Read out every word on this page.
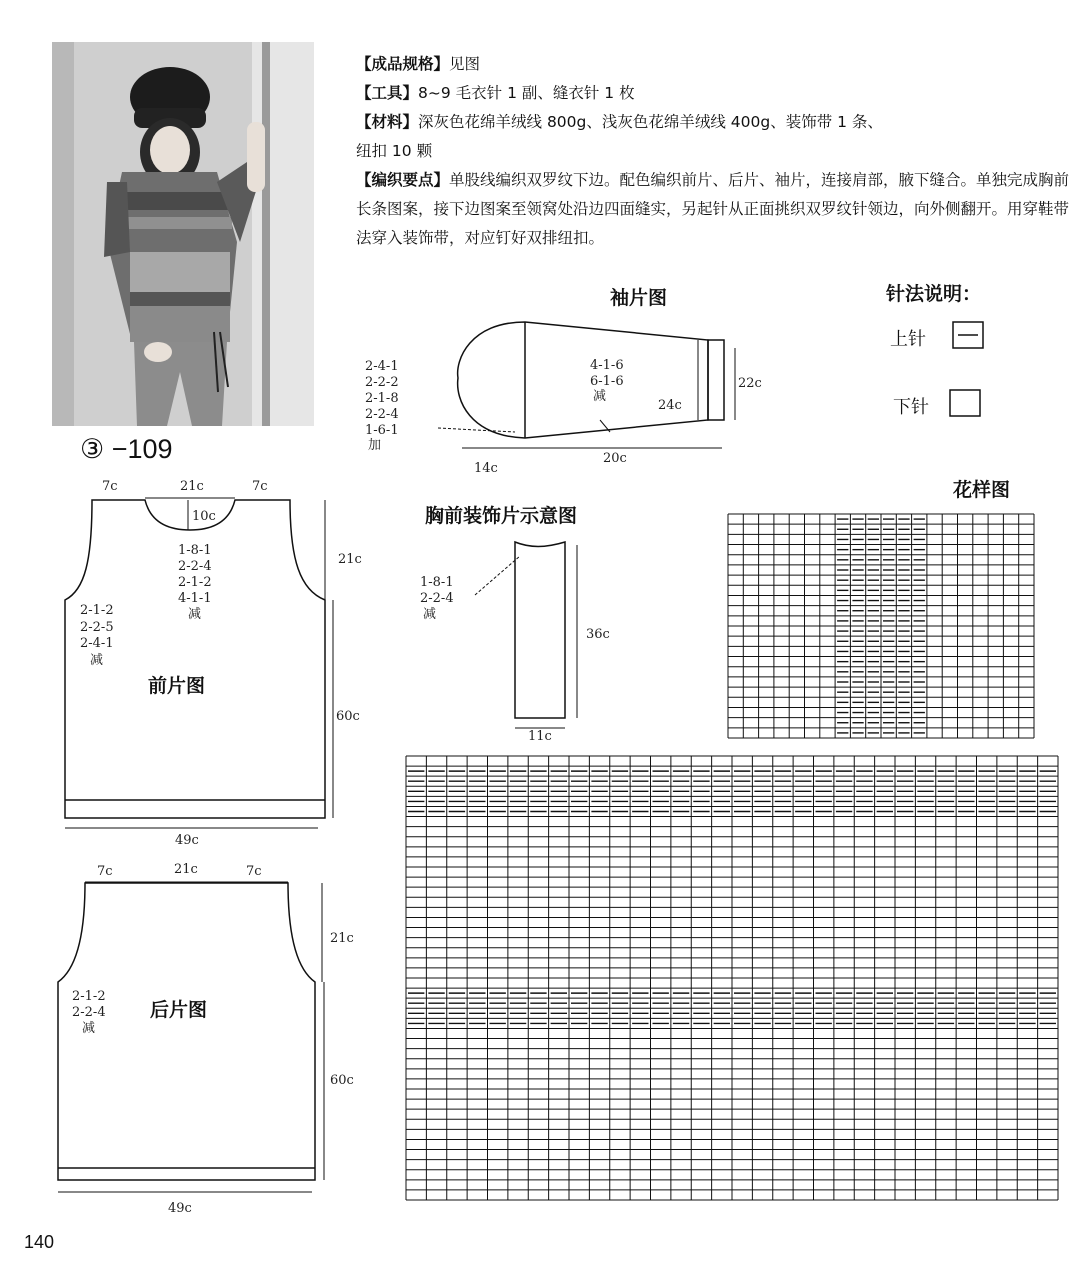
③ −109
【成品规格】见图
【工具】8~9 毛衣针 1 副、缝衣针 1 枚
【材料】深灰色花绵羊绒线 800g、浅灰色花绵羊绒线 400g、装饰带 1 条、
纽扣 10 颗
【编织要点】单股线编织双罗纹下边。配色编织前片、后片、袖片，连接肩部，腋下缝合。单独完成胸前长条图案，接下边图案至领窝处沿边四面缝实，另起针从正面挑织双罗纹针领边，向外侧翻开。用穿鞋带法穿入装饰带，对应钉好双排纽扣。
袖片图	针法说明：
上针
下针
胸前装饰片示意图
花样图
前片图
后片图
2-4-1
2-2-2
2-1-8
2-2-4
1-6-1
加
4-1-6
6-1-6
减
14c
20c
24c
22c
7c	21c	7c
10c
1-8-1
2-2-4
2-1-2
4-1-1
减
2-1-2
2-2-5
2-4-1
减
21c
60c
49c
7c	21c	7c
2-1-2
2-2-4
减
21c
60c
49c
1-8-1
2-2-4
减
36c
11c
140
